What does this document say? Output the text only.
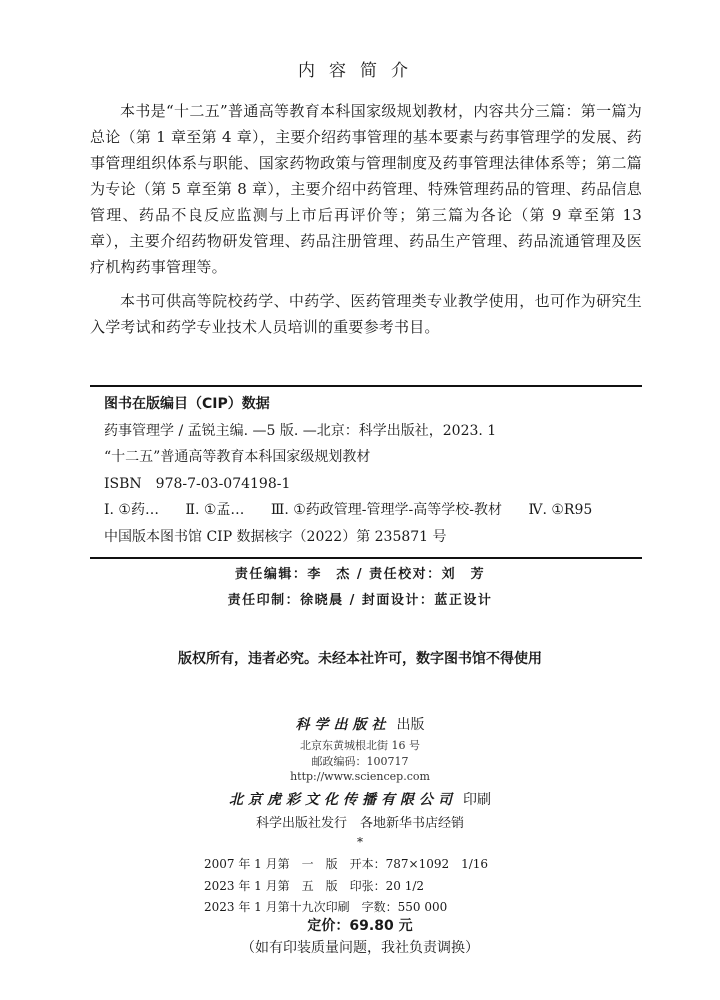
内容简介

本书是“十二五”普通高等教育本科国家级规划教材，内容共分三篇：第一篇为总论（第 1 章至第 4 章），主要介绍药事管理的基本要素与药事管理学的发展、药事管理组织体系与职能、国家药物政策与管理制度及药事管理法律体系等；第二篇为专论（第 5 章至第 8 章），主要介绍中药管理、特殊管理药品的管理、药品信息管理、药品不良反应监测与上市后再评价等；第三篇为各论（第 9 章至第 13 章），主要介绍药物研发管理、药品注册管理、药品生产管理、药品流通管理及医疗机构药事管理等。

本书可供高等院校药学、中药学、医药管理类专业教学使用，也可作为研究生入学考试和药学专业技术人员培训的重要参考书目。

图书在版编目（CIP）数据
药事管理学 / 孟锐主编. —5 版. —北京：科学出版社，2023. 1
“十二五”普通高等教育本科国家级规划教材
ISBN　978-7-03-074198-1
Ⅰ. ①药… Ⅱ. ①孟… Ⅲ. ①药政管理-管理学-高等学校-教材 Ⅳ. ①R95
中国版本图书馆 CIP 数据核字（2022）第 235871 号
责任编辑：李　杰 / 责任校对：刘　芳
责任印制：徐晓晨 / 封面设计：蓝正设计
版权所有，违者必究。未经本社许可，数字图书馆不得使用
科学出版社 出版
北京东黄城根北街 16 号
邮政编码：100717
http://www.sciencep.com
北京虎彩文化传播有限公司 印刷
科学出版社发行　各地新华书店经销
*
2007 年 1 月第　一　版　开本：787×1092　1/16
2023 年 1 月第　五　版　印张：20 1/2
2023 年 1 月第十九次印刷　字数：550 000
定价：69.80 元
（如有印装质量问题，我社负责调换）
